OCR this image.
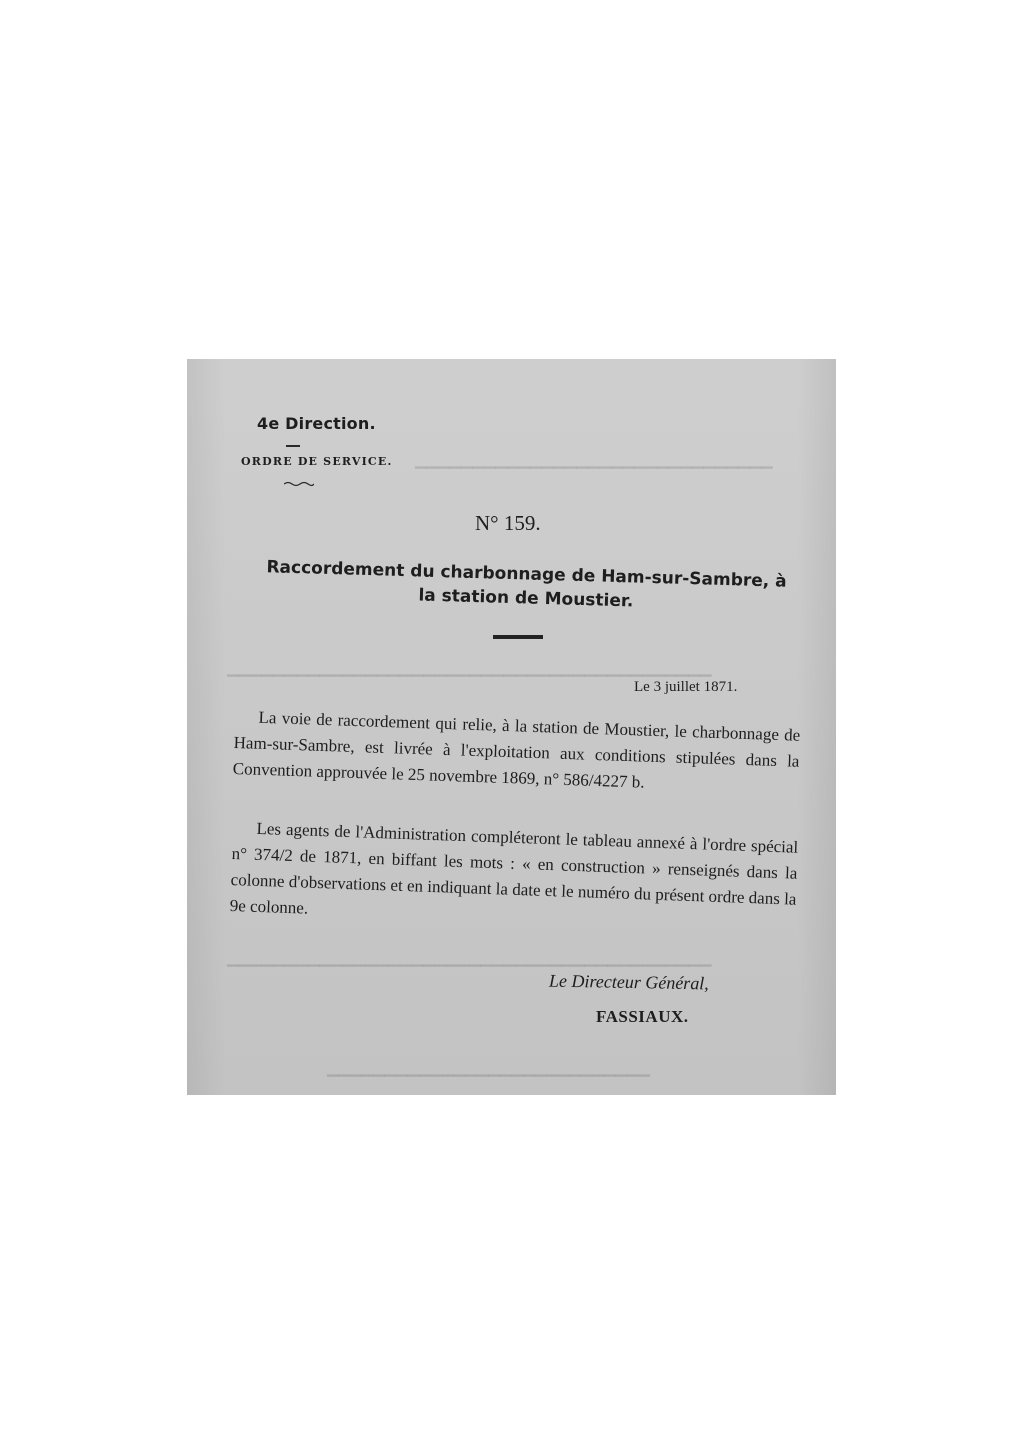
▁▁▁▁▁▁▁▁▁▁▁▁▁▁▁▁▁▁▁▁▁▁▁▁▁▁▁▁▁▁▁
▁▁▁▁▁▁▁▁▁▁▁▁▁▁▁▁▁▁▁▁▁▁▁▁▁▁▁▁▁▁▁▁▁▁▁▁▁▁▁▁▁▁
▁▁▁▁▁▁▁▁▁▁▁▁▁▁▁▁▁▁▁▁▁▁▁▁▁▁▁▁▁▁▁▁▁▁▁▁▁▁▁▁▁▁
▁▁▁▁▁▁▁▁▁▁▁▁▁▁▁▁▁▁▁▁▁▁▁▁▁▁▁▁
4e Direction.
ORDRE DE SERVICE.
N° 159.
Raccordement du charbonnage de Ham-sur-Sambre, à la station de Moustier.
Le 3 juillet 1871.
La voie de raccordement qui relie, à la station de Moustier, le charbonnage de Ham-sur-Sambre, est livrée à l'exploitation aux conditions stipulées dans la Convention approuvée le 25 novembre 1869, n° 586/4227 b.
Les agents de l'Administration compléteront le tableau annexé à l'ordre spécial n° 374/2 de 1871, en biffant les mots : « en construction » renseignés dans la colonne d'observations et en indiquant la date et le numéro du présent ordre dans la 9e colonne.
Le Directeur Général,
FASSIAUX.
